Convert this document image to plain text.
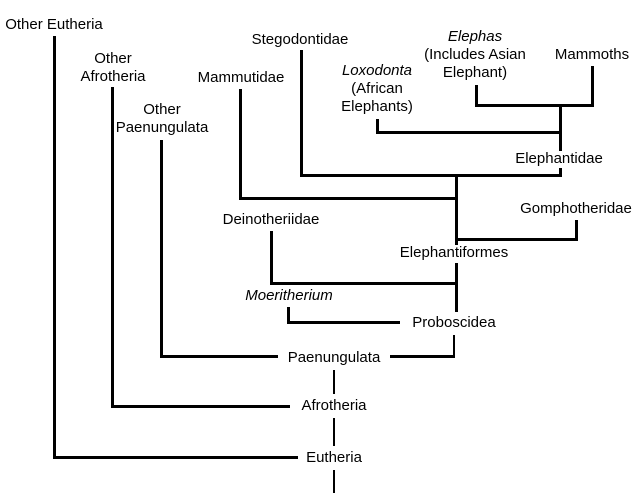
Other Eutheria
Other
Afrotheria
Other
Paenungulata
Stegodontidae
Mammutidae	Loxodonta
(African
Elephants)
Elephas
(Includes Asian
Elephant)
Mammoths
Elephantidae
Gomphotheridae
Elephantiformes
Deinotheriidae
Moeritherium
Proboscidea
Paenungulata
Afrotheria
Eutheria
